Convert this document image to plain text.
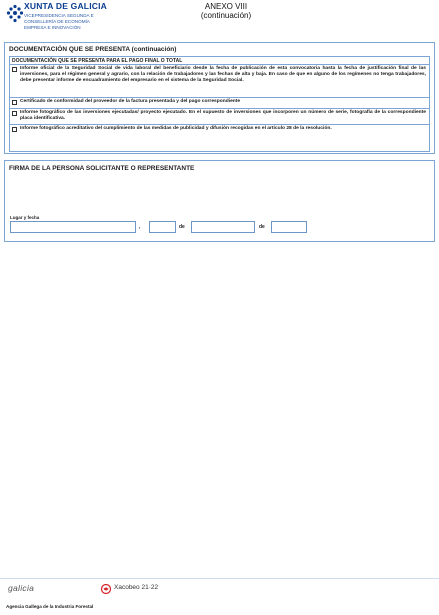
XUNTA DE GALICIA
VICEPRESIDENCIA SEGUNDA E
CONSELLERÍA DE ECONOMÍA
EMPRESA E INNOVACIÓN
ANEXO VIII
(continuación)
DOCUMENTACIÓN QUE SE PRESENTA (continuación)
DOCUMENTACIÓN QUE SE PRESENTA PARA EL PAGO FINAL O TOTAL
Informe oficial de la Seguridad Social de vida laboral del beneficiario desde la fecha de publicación de esta convocatoria hasta la fecha de justificación final de las inversiones, para el régimen general y agrario, con la relación de trabajadores y las fechas de alta y baja. En caso de que en alguno de los regímenes no tenga trabajadores, debe presentar informe de encuadramiento del empresario en el sistema de la Seguridad Social.
Certificado de conformidad del proveedor de la factura presentada y del pago correspondiente
Informe fotográfico de las inversiones ejecutadas/ proyecto ejecutado. En el supuesto de inversiones que incorporen un número de serie, fotografía de la correspondiente placa identificativa.
Informe fotográfico acreditativo del cumplimiento de las medidas de publicidad y difusión recogidas en el artículo 28 de la resolución.
FIRMA DE LA PERSONA SOLICITANTE O REPRESENTANTE
Lugar y fecha
,	de	de
galicia	Xacobeo 21·22
Agencia Gallega de la Industria Forestal
